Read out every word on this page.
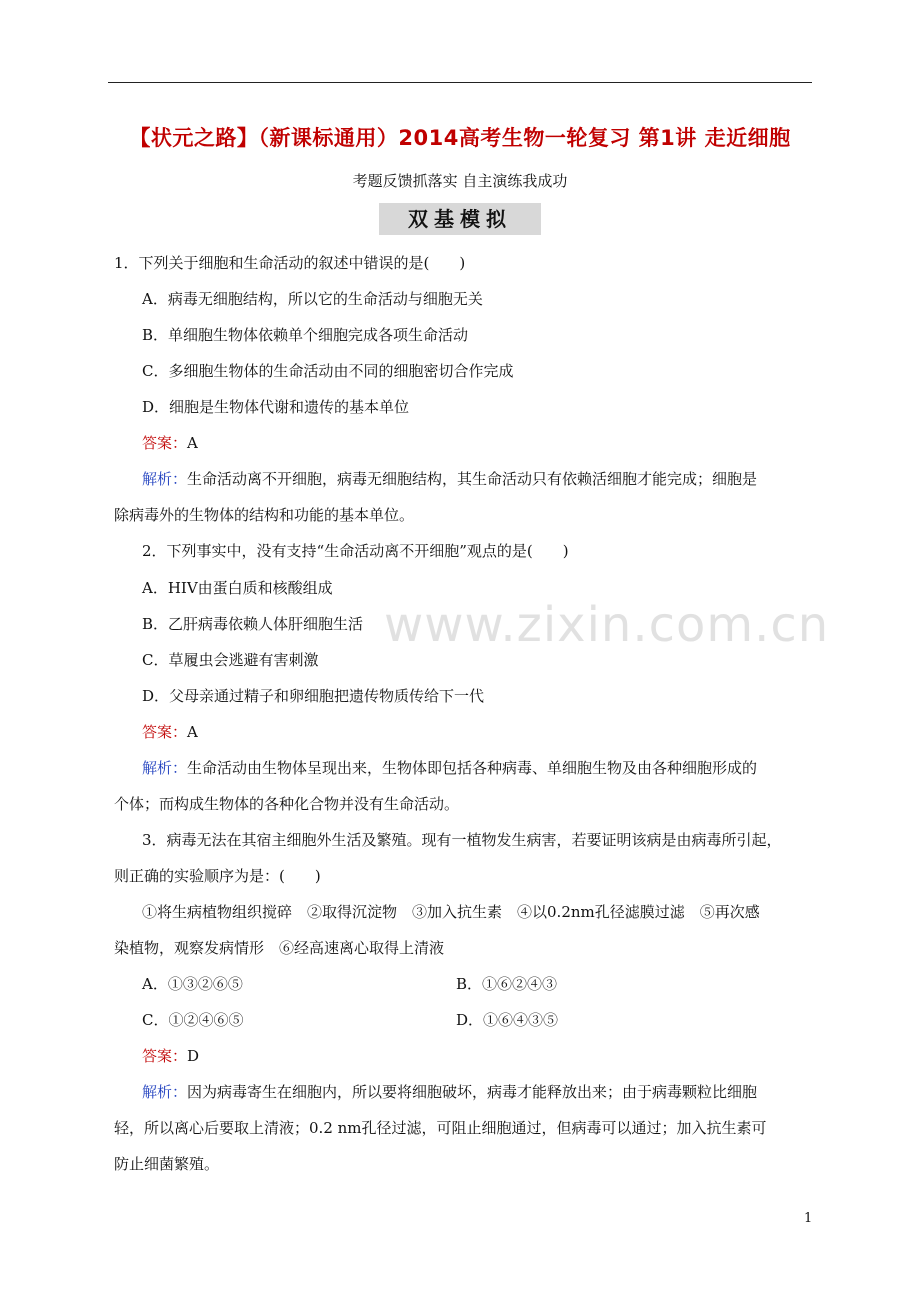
【状元之路】（新课标通用）2014高考生物一轮复习 第1讲 走近细胞
考题反馈抓落实 自主演练我成功
双基模拟
1．下列关于细胞和生命活动的叙述中错误的是(　　)
A．病毒无细胞结构，所以它的生命活动与细胞无关
B．单细胞生物体依赖单个细胞完成各项生命活动
C．多细胞生物体的生命活动由不同的细胞密切合作完成
D．细胞是生物体代谢和遗传的基本单位
答案：A
解析：生命活动离不开细胞，病毒无细胞结构，其生命活动只有依赖活细胞才能完成；细胞是
除病毒外的生物体的结构和功能的基本单位。
2．下列事实中，没有支持“生命活动离不开细胞”观点的是(　　)
A．HIV由蛋白质和核酸组成
B．乙肝病毒依赖人体肝细胞生活
C．草履虫会逃避有害刺激
D．父母亲通过精子和卵细胞把遗传物质传给下一代
答案：A
解析：生命活动由生物体呈现出来，生物体即包括各种病毒、单细胞生物及由各种细胞形成的
个体；而构成生物体的各种化合物并没有生命活动。
3．病毒无法在其宿主细胞外生活及繁殖。现有一植物发生病害，若要证明该病是由病毒所引起，
则正确的实验顺序为是：(　　)
①将生病植物组织搅碎　②取得沉淀物　③加入抗生素　④以0.2nm孔径滤膜过滤　⑤再次感
染植物，观察发病情形　⑥经高速离心取得上清液
A．①③②⑥⑤	B．①⑥②④③
C．①②④⑥⑤	D．①⑥④③⑤
答案：D
解析：因为病毒寄生在细胞内，所以要将细胞破坏，病毒才能释放出来；由于病毒颗粒比细胞
轻，所以离心后要取上清液；0.2 nm孔径过滤，可阻止细胞通过，但病毒可以通过；加入抗生素可
防止细菌繁殖。
www.zixin.com.cn
1
